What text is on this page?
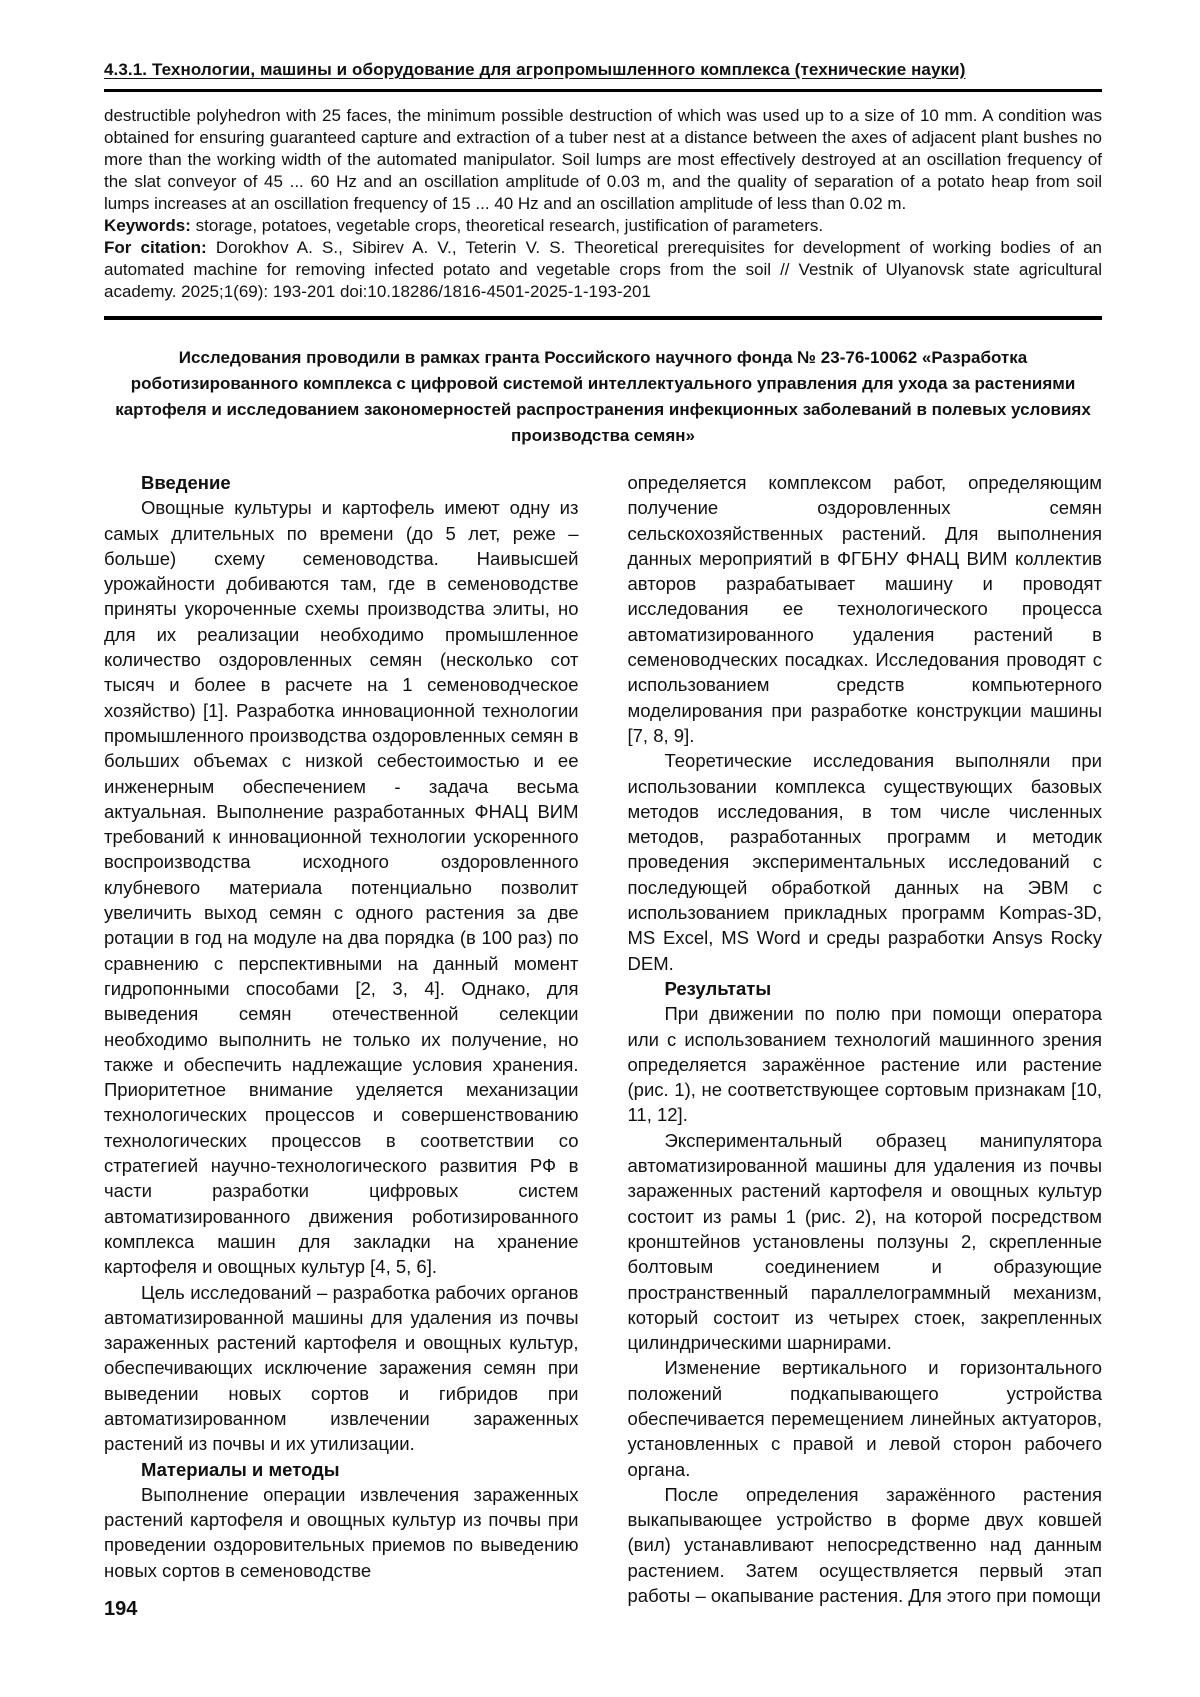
4.3.1. Технологии, машины и оборудование для агропромышленного комплекса (технические науки)

destructible polyhedron with 25 faces, the minimum possible destruction of which was used up to a size of 10 mm. A condition was obtained for ensuring guaranteed capture and extraction of a tuber nest at a distance between the axes of adjacent plant bushes no more than the working width of the automated manipulator. Soil lumps are most effectively destroyed at an oscillation frequency of the slat conveyor of 45 ... 60 Hz and an oscillation amplitude of 0.03 m, and the quality of separation of a potato heap from soil lumps increases at an oscillation frequency of 15 ... 40 Hz and an oscillation amplitude of less than 0.02 m.

Keywords: storage, potatoes, vegetable crops, theoretical research, justification of parameters.

For citation: Dorokhov A. S., Sibirev A. V., Teterin V. S. Theoretical prerequisites for development of working bodies of an automated machine for removing infected potato and vegetable crops from the soil // Vestnik of Ulyanovsk state agricultural academy. 2025;1(69): 193-201 doi:10.18286/1816-4501-2025-1-193-201

Исследования проводили в рамках гранта Российского научного фонда № 23-76-10062 «Разработка роботизированного комплекса с цифровой системой интеллектуального управления для ухода за растениями картофеля и исследованием закономерностей распространения инфекционных заболеваний в полевых условиях производства семян»

Введение

Овощные культуры и картофель имеют одну из самых длительных по времени (до 5 лет, реже – больше) схему семеноводства. Наивысшей урожайности добиваются там, где в семеноводстве приняты укороченные схемы производства элиты, но для их реализации необходимо промышленное количество оздоровленных семян (несколько сот тысяч и более в расчете на 1 семеноводческое хозяйство) [1]. Разработка инновационной технологии промышленного производства оздоровленных семян в больших объемах с низкой себестоимостью и ее инженерным обеспечением - задача весьма актуальная. Выполнение разработанных ФНАЦ ВИМ требований к инновационной технологии ускоренного воспроизводства исходного оздоровленного клубневого материала потенциально позволит увеличить выход семян с одного растения за две ротации в год на модуле на два порядка (в 100 раз) по сравнению с перспективными на данный момент гидропонными способами [2, 3, 4]. Однако, для выведения семян отечественной селекции необходимо выполнить не только их получение, но также и обеспечить надлежащие условия хранения. Приоритетное внимание уделяется механизации технологических процессов и совершенствованию технологических процессов в соответствии со стратегией научно-технологического развития РФ в части разработки цифровых систем автоматизированного движения роботизированного комплекса машин для закладки на хранение картофеля и овощных культур [4, 5, 6].

Цель исследований – разработка рабочих органов автоматизированной машины для удаления из почвы зараженных растений картофеля и овощных культур, обеспечивающих исключение заражения семян при выведении новых сортов и гибридов при автоматизированном извлечении зараженных растений из почвы и их утилизации.

Материалы и методы

Выполнение операции извлечения зараженных растений картофеля и овощных культур из почвы при проведении оздоровительных приемов по выведению новых сортов в семеноводстве

определяется комплексом работ, определяющим получение оздоровленных семян сельскохозяйственных растений. Для выполнения данных мероприятий в ФГБНУ ФНАЦ ВИМ коллектив авторов разрабатывает машину и проводят исследования ее технологического процесса автоматизированного удаления растений в семеноводческих посадках. Исследования проводят с использованием средств компьютерного моделирования при разработке конструкции машины [7, 8, 9].

Теоретические исследования выполняли при использовании комплекса существующих базовых методов исследования, в том числе численных методов, разработанных программ и методик проведения экспериментальных исследований с последующей обработкой данных на ЭВМ с использованием прикладных программ Kompas-3D, MS Excel, MS Word и среды разработки Ansys Rocky DEM.

Результаты

При движении по полю при помощи оператора или с использованием технологий машинного зрения определяется заражённое растение или растение (рис. 1), не соответствующее сортовым признакам [10, 11, 12].

Экспериментальный образец манипулятора автоматизированной машины для удаления из почвы зараженных растений картофеля и овощных культур состоит из рамы 1 (рис. 2), на которой посредством кронштейнов установлены ползуны 2, скрепленные болтовым соединением и образующие пространственный параллелограммный механизм, который состоит из четырех стоек, закрепленных цилиндрическими шарнирами.

Изменение вертикального и горизонтального положений подкапывающего устройства обеспечивается перемещением линейных актуаторов, установленных с правой и левой сторон рабочего органа.

После определения заражённого растения выкапывающее устройство в форме двух ковшей (вил) устанавливают непосредственно над данным растением. Затем осуществляется первый этап работы – окапывание растения. Для этого при помощи

194
